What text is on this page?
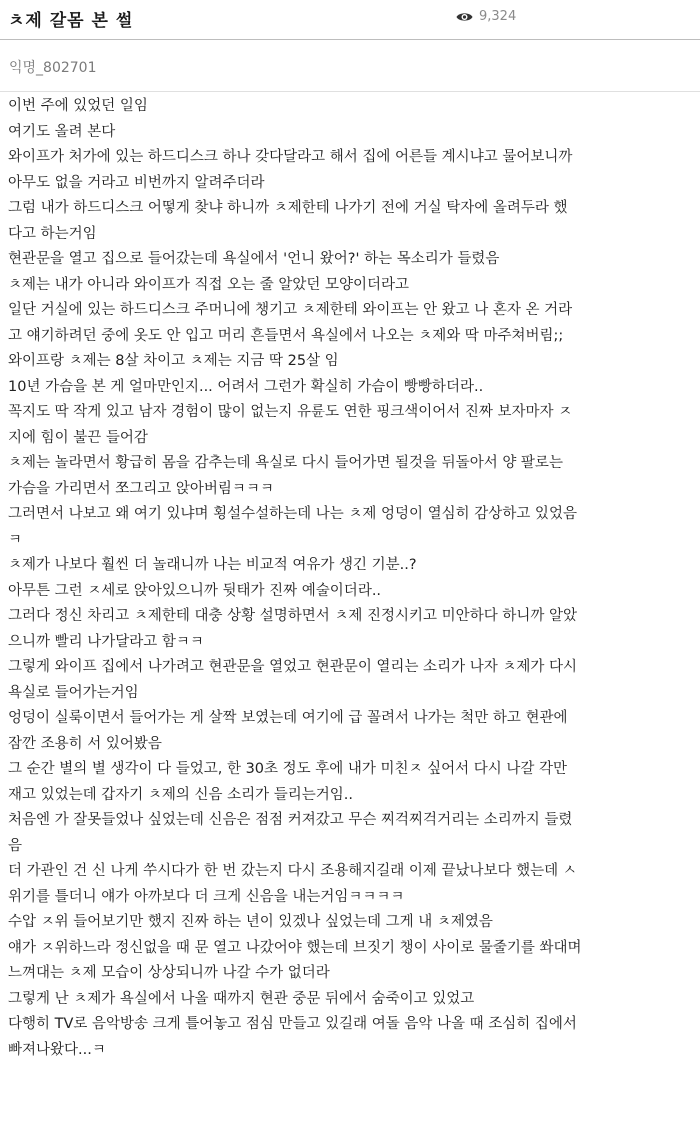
ㅊ제 갈몸 본 썰	9,324
익명_802701
이번 주에 있었던 일임
여기도 올려 본다
와이프가 처가에 있는 하드디스크 하나 갖다달라고 해서 집에 어른들 계시냐고 물어보니까
아무도 없을 거라고 비번까지 알려주더라
그럼 내가 하드디스크 어떻게 찾냐 하니까 ㅊ제한테 나가기 전에 거실 탁자에 올려두라 했
다고 하는거임
현관문을 열고 집으로 들어갔는데 욕실에서 '언니 왔어?' 하는 목소리가 들렸음
ㅊ제는 내가 아니라 와이프가 직접 오는 줄 알았던 모양이더라고
일단 거실에 있는 하드디스크 주머니에 챙기고 ㅊ제한테 와이프는 안 왔고 나 혼자 온 거라
고 얘기하려던 중에 옷도 안 입고 머리 흔들면서 욕실에서 나오는 ㅊ제와 딱 마주쳐버림;;
와이프랑 ㅊ제는 8살 차이고 ㅊ제는 지금 딱 25살 임
10년 가슴을 본 게 얼마만인지... 어려서 그런가 확실히 가슴이 빵빵하더라..
꼭지도 딱 작게 있고 남자 경험이 많이 없는지 유륜도 연한 핑크색이어서 진짜 보자마자 ㅈ
지에 힘이 불끈 들어감
ㅊ제는 놀라면서 황급히 몸을 감추는데 욕실로 다시 들어가면 될것을 뒤돌아서 양 팔로는
가슴을 가리면서 쪼그리고 앉아버림ㅋㅋㅋ
그러면서 나보고 왜 여기 있냐며 횡설수설하는데 나는 ㅊ제 엉덩이 열심히 감상하고 있었음
ㅋ
ㅊ제가 나보다 훨씬 더 놀래니까 나는 비교적 여유가 생긴 기분..?
아무튼 그런 ㅈ세로 앉아있으니까 뒷태가 진짜 예술이더라..
그러다 정신 차리고 ㅊ제한테 대충 상황 설명하면서 ㅊ제 진정시키고 미안하다 하니까 알았
으니까 빨리 나가달라고 함ㅋㅋ
그렇게 와이프 집에서 나가려고 현관문을 열었고 현관문이 열리는 소리가 나자 ㅊ제가 다시
욕실로 들어가는거임
엉덩이 실룩이면서 들어가는 게 살짝 보였는데 여기에 급 꼴려서 나가는 척만 하고 현관에
잠깐 조용히 서 있어봤음
그 순간 별의 별 생각이 다 들었고, 한 30초 정도 후에 내가 미친ㅈ 싶어서 다시 나갈 각만
재고 있었는데 갑자기 ㅊ제의 신음 소리가 들리는거임..
처음엔 가 잘못들었나 싶었는데 신음은 점점 커져갔고 무슨 찌걱찌걱거리는 소리까지 들렸
음
더 가관인 건 신 나게 쑤시다가 한 번 갔는지 다시 조용해지길래 이제 끝났나보다 했는데 ㅅ
위기를 틀더니 얘가 아까보다 더 크게 신음을 내는거임ㅋㅋㅋㅋ
수압 ㅈ위 들어보기만 했지 진짜 하는 년이 있겠나 싶었는데 그게 내 ㅊ제였음
얘가 ㅈ위하느라 정신없을 때 문 열고 나갔어야 했는데 브짓기 챙이 사이로 물줄기를 쏴대며
느껴대는 ㅊ제 모습이 상상되니까 나갈 수가 없더라
그렇게 난 ㅊ제가 욕실에서 나올 때까지 현관 중문 뒤에서 숨죽이고 있었고
다행히 TV로 음악방송 크게 틀어놓고 점심 만들고 있길래 여돌 음악 나올 때 조심히 집에서
빠져나왔다...ㅋ
